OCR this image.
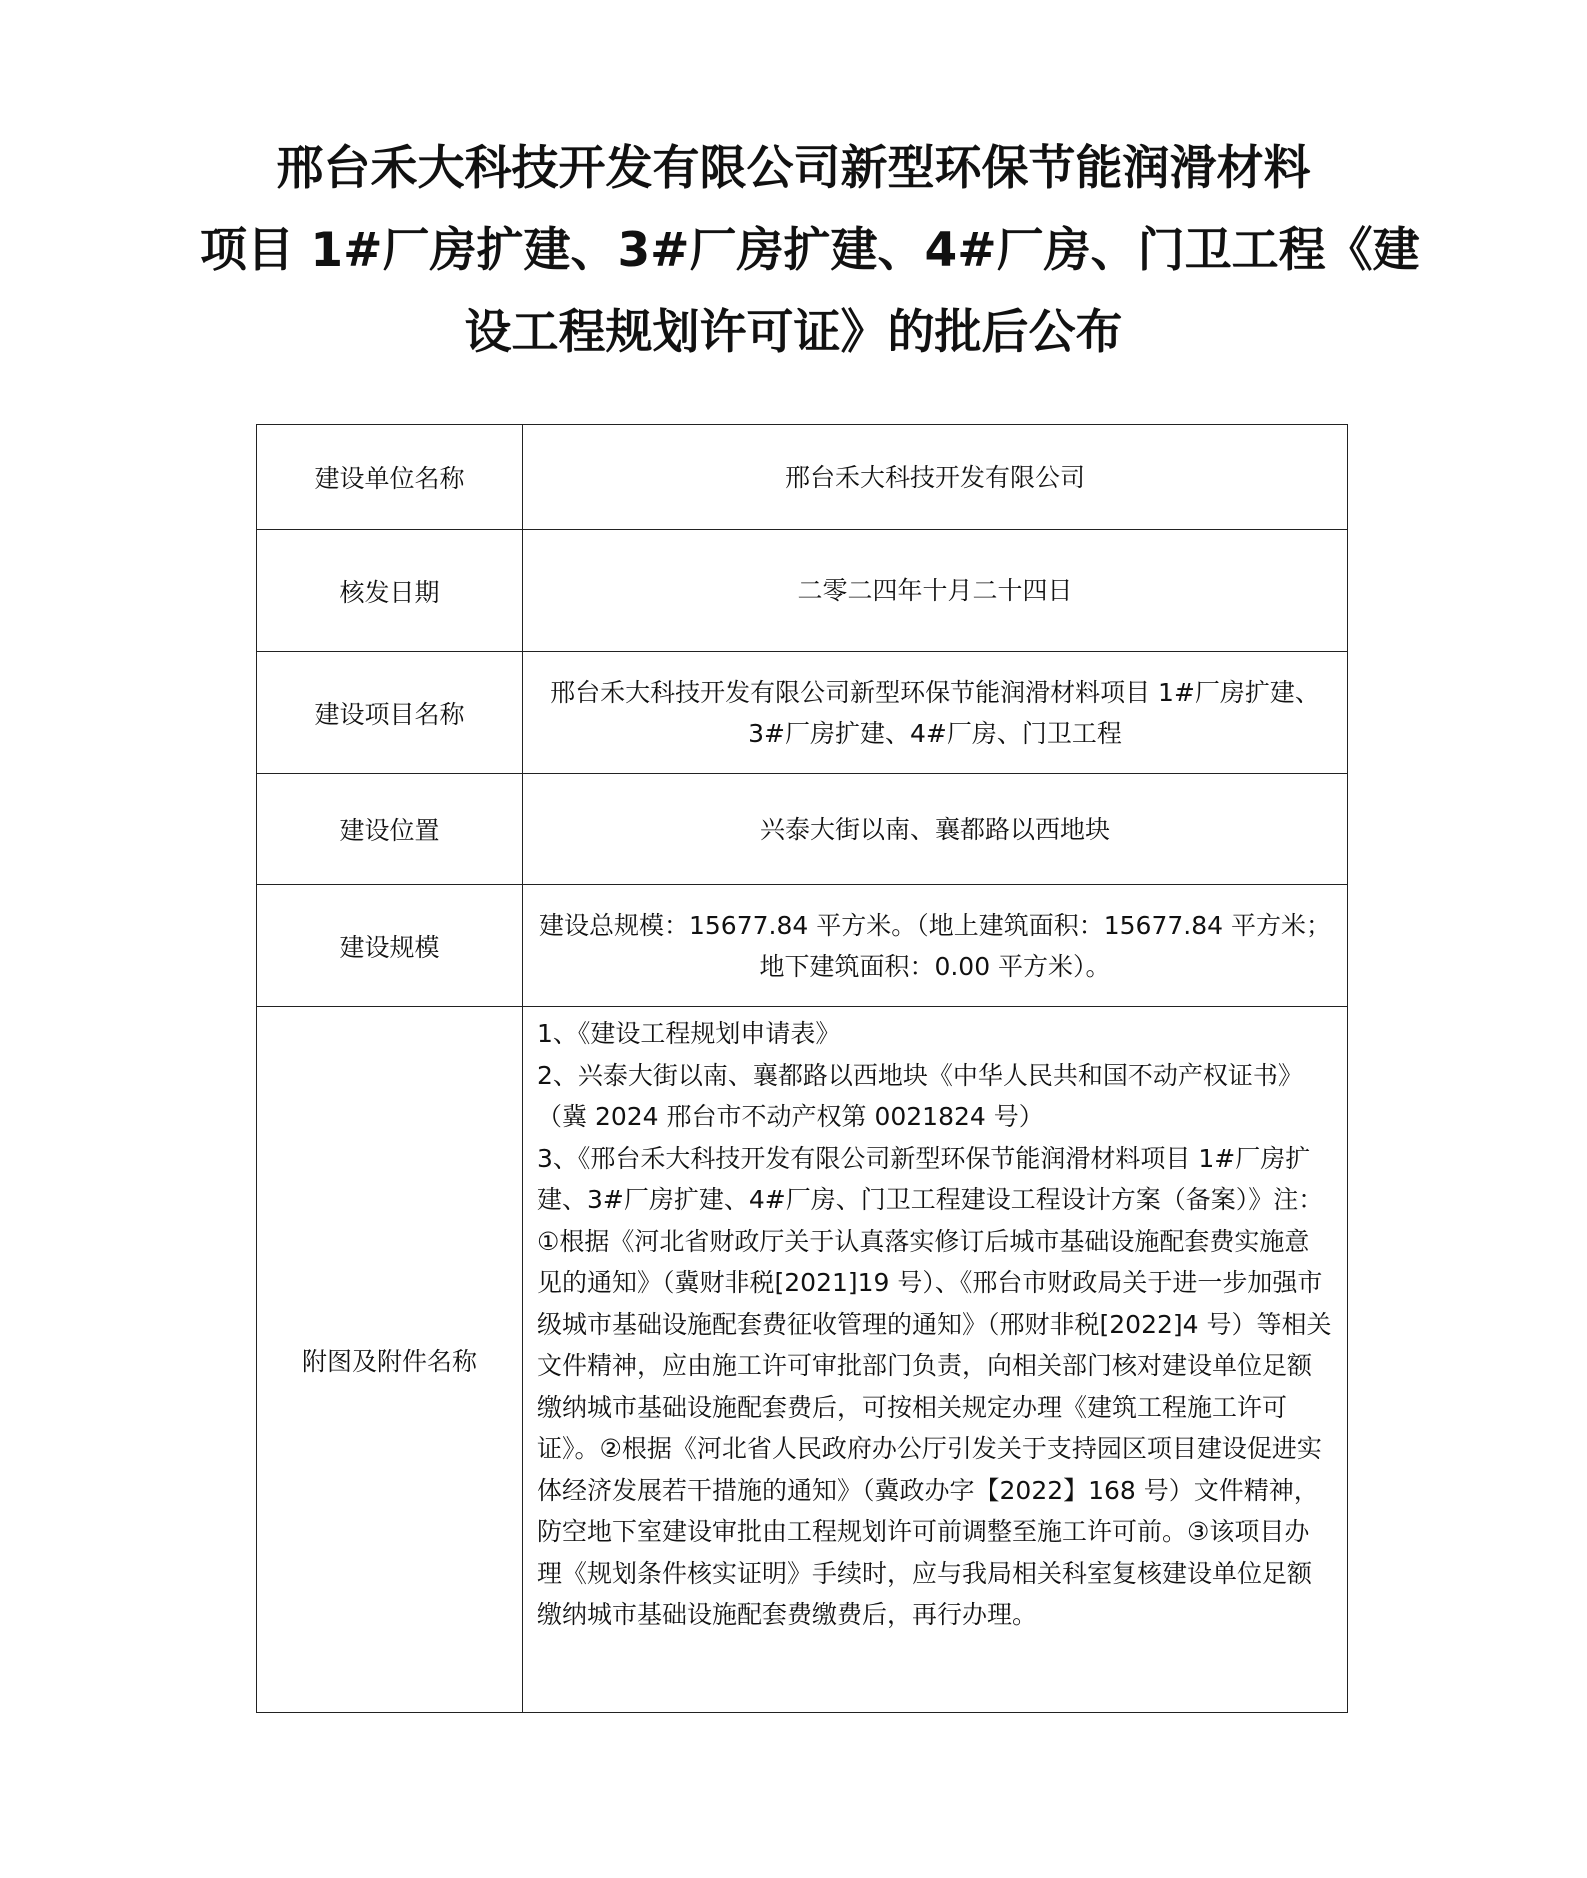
邢台禾大科技开发有限公司新型环保节能润滑材料
项目 1#厂房扩建、3#厂房扩建、4#厂房、门卫工程《建
设工程规划许可证》的批后公布
建设单位名称	邢台禾大科技开发有限公司
核发日期	二零二四年十月二十四日
建设项目名称	邢台禾大科技开发有限公司新型环保节能润滑材料项目 1#厂房扩建、3#厂房扩建、4#厂房、门卫工程
建设位置	兴泰大街以南、襄都路以西地块
建设规模	建设总规模：15677.84 平方米。（地上建筑面积：15677.84 平方米；地下建筑面积：0.00 平方米）。
附图及附件名称	1、《建设工程规划申请表》
2、兴泰大街以南、襄都路以西地块《中华人民共和国不动产权证书》（冀 2024 邢台市不动产权第 0021824 号）
3、《邢台禾大科技开发有限公司新型环保节能润滑材料项目 1#厂房扩建、3#厂房扩建、4#厂房、门卫工程建设工程设计方案（备案）》注：①根据《河北省财政厅关于认真落实修订后城市基础设施配套费实施意见的通知》（冀财非税[2021]19 号）、《邢台市财政局关于进一步加强市级城市基础设施配套费征收管理的通知》（邢财非税[2022]4 号）等相关文件精神，应由施工许可审批部门负责，向相关部门核对建设单位足额缴纳城市基础设施配套费后，可按相关规定办理《建筑工程施工许可证》。②根据《河北省人民政府办公厅引发关于支持园区项目建设促进实体经济发展若干措施的通知》（冀政办字【2022】168 号）文件精神，防空地下室建设审批由工程规划许可前调整至施工许可前。③该项目办理《规划条件核实证明》手续时，应与我局相关科室复核建设单位足额缴纳城市基础设施配套费缴费后，再行办理。
